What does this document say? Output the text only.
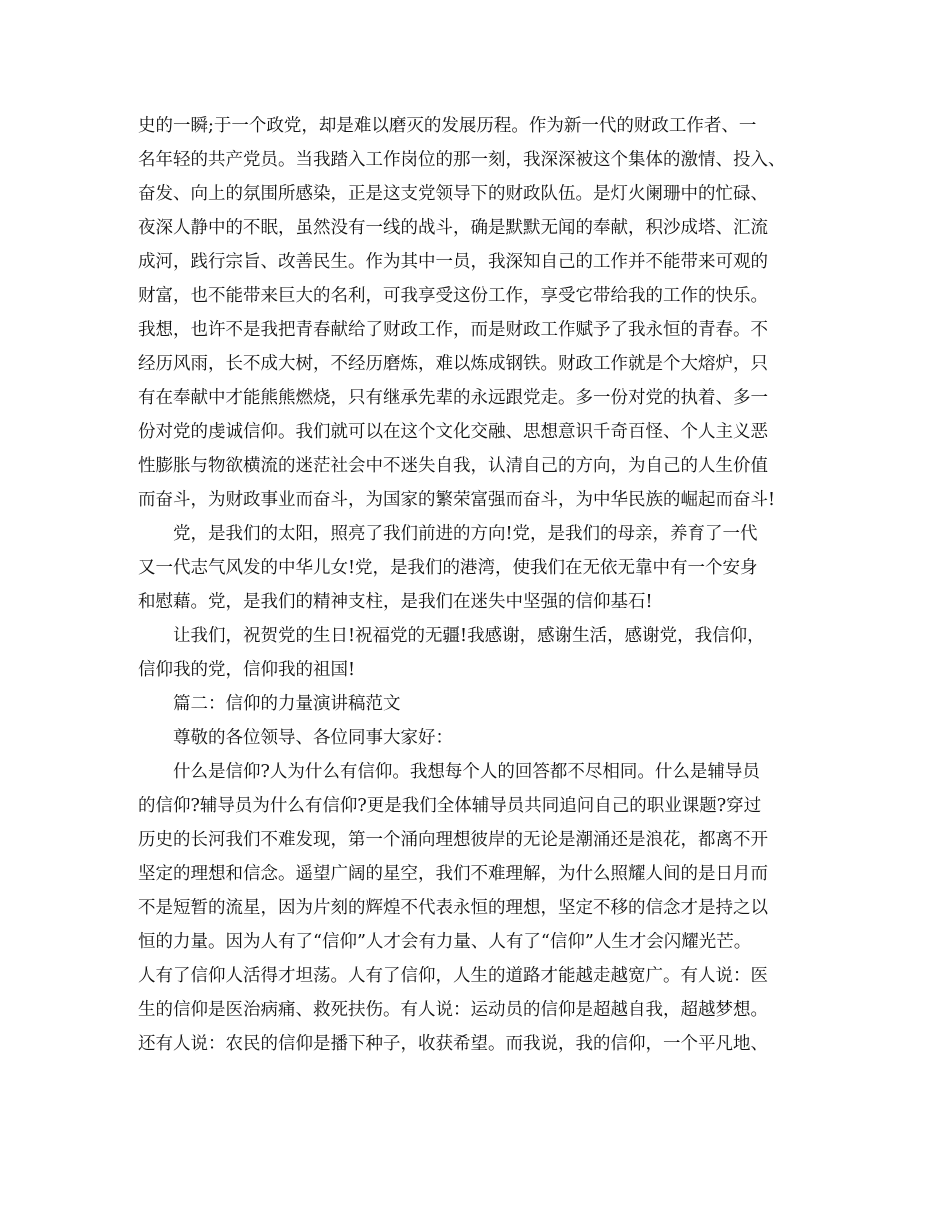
史的一瞬;于一个政党，却是难以磨灭的发展历程。作为新一代的财政工作者、一
名年轻的共产党员。当我踏入工作岗位的那一刻，我深深被这个集体的激情、投入、
奋发、向上的氛围所感染，正是这支党领导下的财政队伍。是灯火阑珊中的忙碌、
夜深人静中的不眠，虽然没有一线的战斗，确是默默无闻的奉献，积沙成塔、汇流
成河，践行宗旨、改善民生。作为其中一员，我深知自己的工作并不能带来可观的
财富，也不能带来巨大的名利，可我享受这份工作，享受它带给我的工作的快乐。
我想，也许不是我把青春献给了财政工作，而是财政工作赋予了我永恒的青春。不
经历风雨，长不成大树，不经历磨炼，难以炼成钢铁。财政工作就是个大熔炉，只
有在奉献中才能熊熊燃烧，只有继承先辈的永远跟党走。多一份对党的执着、多一
份对党的虔诚信仰。我们就可以在这个文化交融、思想意识千奇百怪、个人主义恶
性膨胀与物欲横流的迷茫社会中不迷失自我，认清自己的方向，为自己的人生价值
而奋斗，为财政事业而奋斗，为国家的繁荣富强而奋斗，为中华民族的崛起而奋斗!

党，是我们的太阳，照亮了我们前进的方向!党，是我们的母亲，养育了一代
又一代志气风发的中华儿女!党，是我们的港湾，使我们在无依无靠中有一个安身
和慰藉。党，是我们的精神支柱，是我们在迷失中坚强的信仰基石!

让我们，祝贺党的生日!祝福党的无疆!我感谢，感谢生活，感谢党，我信仰，
信仰我的党，信仰我的祖国!

篇二：信仰的力量演讲稿范文

尊敬的各位领导、各位同事大家好：

什么是信仰?人为什么有信仰。我想每个人的回答都不尽相同。什么是辅导员
的信仰?辅导员为什么有信仰?更是我们全体辅导员共同追问自己的职业课题?穿过
历史的长河我们不难发现，第一个涌向理想彼岸的无论是潮涌还是浪花，都离不开
坚定的理想和信念。遥望广阔的星空，我们不难理解，为什么照耀人间的是日月而
不是短暂的流星，因为片刻的辉煌不代表永恒的理想，坚定不移的信念才是持之以
恒的力量。因为人有了“信仰”人才会有力量、人有了“信仰”人生才会闪耀光芒。
人有了信仰人活得才坦荡。人有了信仰，人生的道路才能越走越宽广。有人说：医
生的信仰是医治病痛、救死扶伤。有人说：运动员的信仰是超越自我，超越梦想。
还有人说：农民的信仰是播下种子，收获希望。而我说，我的信仰，一个平凡地、
